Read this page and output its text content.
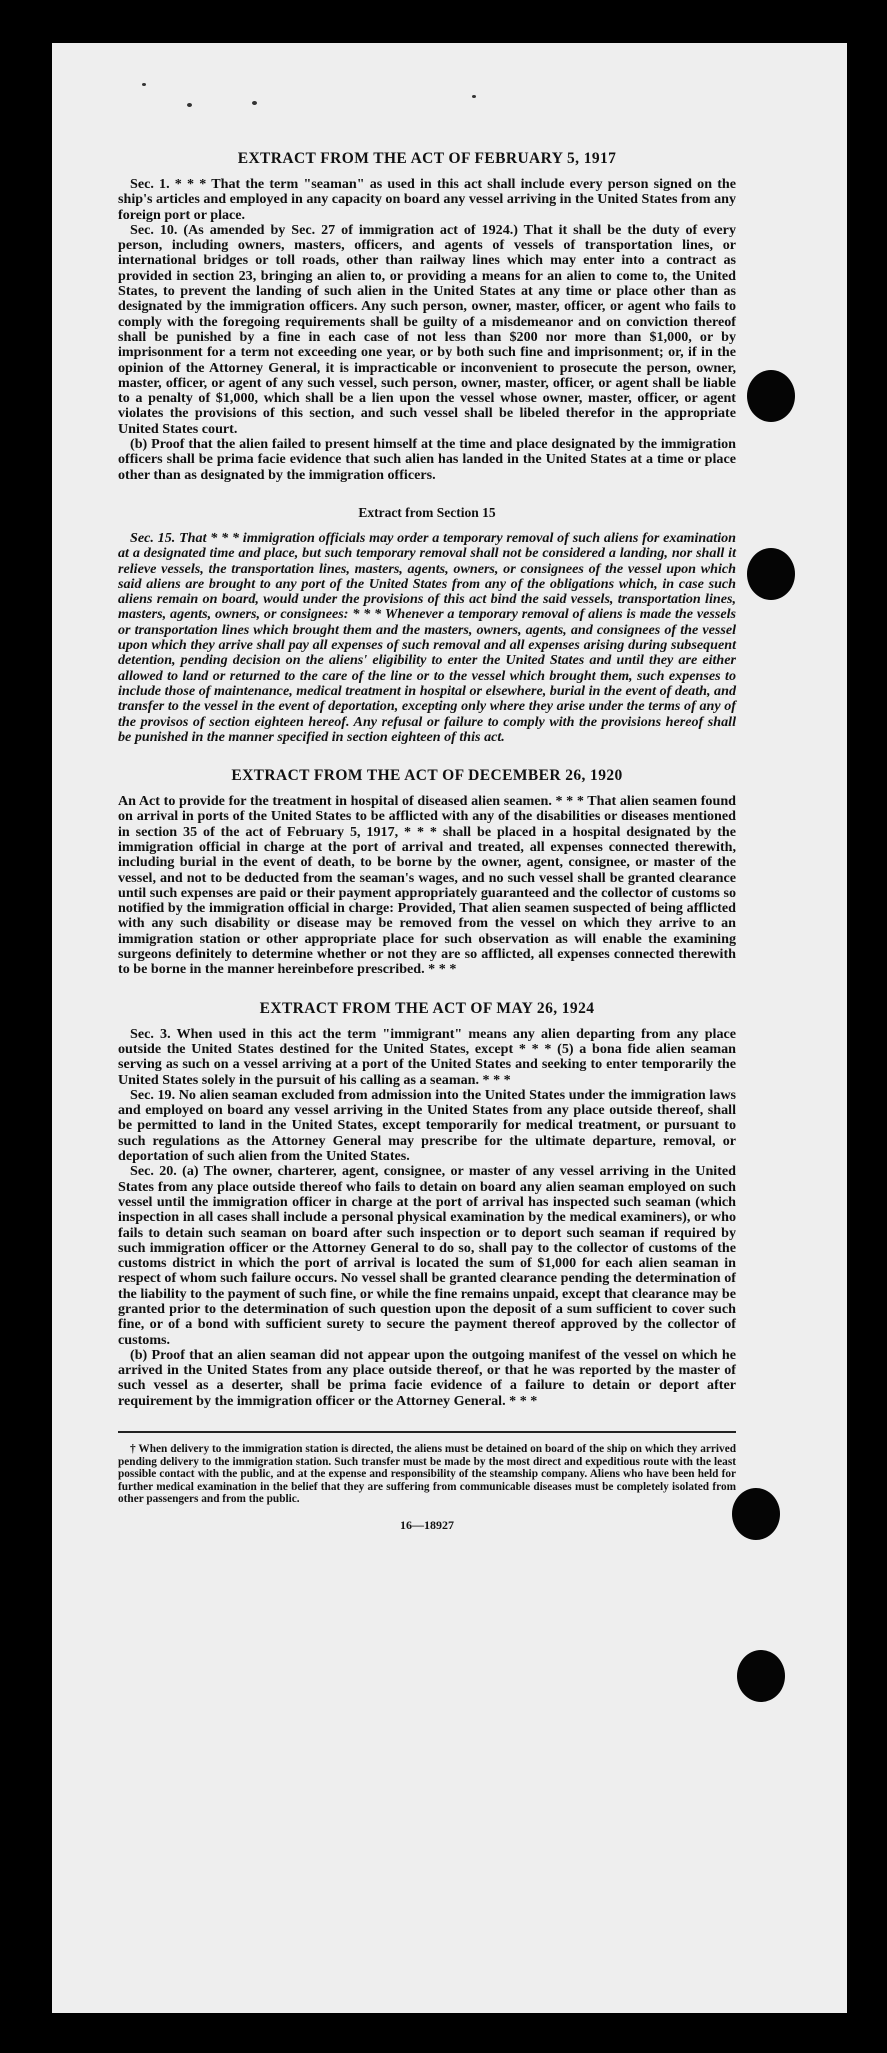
EXTRACT FROM THE ACT OF FEBRUARY 5, 1917

Sec. 1. * * * That the term "seaman" as used in this act shall include every person signed on the ship's articles and employed in any capacity on board any vessel arriving in the United States from any foreign port or place.

Sec. 10. (As amended by Sec. 27 of immigration act of 1924.) That it shall be the duty of every person, including owners, masters, officers, and agents of vessels of transportation lines, or international bridges or toll roads, other than railway lines which may enter into a contract as provided in section 23, bringing an alien to, or providing a means for an alien to come to, the United States, to prevent the landing of such alien in the United States at any time or place other than as designated by the immigration officers. Any such person, owner, master, officer, or agent who fails to comply with the foregoing requirements shall be guilty of a misdemeanor and on conviction thereof shall be punished by a fine in each case of not less than $200 nor more than $1,000, or by imprisonment for a term not exceeding one year, or by both such fine and imprisonment; or, if in the opinion of the Attorney General, it is impracticable or inconvenient to prosecute the person, owner, master, officer, or agent of any such vessel, such person, owner, master, officer, or agent shall be liable to a penalty of $1,000, which shall be a lien upon the vessel whose owner, master, officer, or agent violates the provisions of this section, and such vessel shall be libeled therefor in the appropriate United States court.

(b) Proof that the alien failed to present himself at the time and place designated by the immigration officers shall be prima facie evidence that such alien has landed in the United States at a time or place other than as designated by the immigration officers.

Extract from Section 15

Sec. 15. That * * * immigration officials may order a temporary removal of such aliens for examination at a designated time and place, but such temporary removal shall not be considered a landing, nor shall it relieve vessels, the transportation lines, masters, agents, owners, or consignees of the vessel upon which said aliens are brought to any port of the United States from any of the obligations which, in case such aliens remain on board, would under the provisions of this act bind the said vessels, transportation lines, masters, agents, owners, or consignees: * * * Whenever a temporary removal of aliens is made the vessels or transportation lines which brought them and the masters, owners, agents, and consignees of the vessel upon which they arrive shall pay all expenses of such removal and all expenses arising during subsequent detention, pending decision on the aliens' eligibility to enter the United States and until they are either allowed to land or returned to the care of the line or to the vessel which brought them, such expenses to include those of maintenance, medical treatment in hospital or elsewhere, burial in the event of death, and transfer to the vessel in the event of deportation, excepting only where they arise under the terms of any of the provisos of section eighteen hereof. Any refusal or failure to comply with the provisions hereof shall be punished in the manner specified in section eighteen of this act.

EXTRACT FROM THE ACT OF DECEMBER 26, 1920

An Act to provide for the treatment in hospital of diseased alien seamen. * * * That alien seamen found on arrival in ports of the United States to be afflicted with any of the disabilities or diseases mentioned in section 35 of the act of February 5, 1917, * * * shall be placed in a hospital designated by the immigration official in charge at the port of arrival and treated, all expenses connected therewith, including burial in the event of death, to be borne by the owner, agent, consignee, or master of the vessel, and not to be deducted from the seaman's wages, and no such vessel shall be granted clearance until such expenses are paid or their payment appropriately guaranteed and the collector of customs so notified by the immigration official in charge: Provided, That alien seamen suspected of being afflicted with any such disability or disease may be removed from the vessel on which they arrive to an immigration station or other appropriate place for such observation as will enable the examining surgeons definitely to determine whether or not they are so afflicted, all expenses connected therewith to be borne in the manner hereinbefore prescribed. * * *

EXTRACT FROM THE ACT OF MAY 26, 1924

Sec. 3. When used in this act the term "immigrant" means any alien departing from any place outside the United States destined for the United States, except * * * (5) a bona fide alien seaman serving as such on a vessel arriving at a port of the United States and seeking to enter temporarily the United States solely in the pursuit of his calling as a seaman. * * *

Sec. 19. No alien seaman excluded from admission into the United States under the immigration laws and employed on board any vessel arriving in the United States from any place outside thereof, shall be permitted to land in the United States, except temporarily for medical treatment, or pursuant to such regulations as the Attorney General may prescribe for the ultimate departure, removal, or deportation of such alien from the United States.

Sec. 20. (a) The owner, charterer, agent, consignee, or master of any vessel arriving in the United States from any place outside thereof who fails to detain on board any alien seaman employed on such vessel until the immigration officer in charge at the port of arrival has inspected such seaman (which inspection in all cases shall include a personal physical examination by the medical examiners), or who fails to detain such seaman on board after such inspection or to deport such seaman if required by such immigration officer or the Attorney General to do so, shall pay to the collector of customs of the customs district in which the port of arrival is located the sum of $1,000 for each alien seaman in respect of whom such failure occurs. No vessel shall be granted clearance pending the determination of the liability to the payment of such fine, or while the fine remains unpaid, except that clearance may be granted prior to the determination of such question upon the deposit of a sum sufficient to cover such fine, or of a bond with sufficient surety to secure the payment thereof approved by the collector of customs.

(b) Proof that an alien seaman did not appear upon the outgoing manifest of the vessel on which he arrived in the United States from any place outside thereof, or that he was reported by the master of such vessel as a deserter, shall be prima facie evidence of a failure to detain or deport after requirement by the immigration officer or the Attorney General. * * *

† When delivery to the immigration station is directed, the aliens must be detained on board of the ship on which they arrived pending delivery to the immigration station. Such transfer must be made by the most direct and expeditious route with the least possible contact with the public, and at the expense and responsibility of the steamship company. Aliens who have been held for further medical examination in the belief that they are suffering from communicable diseases must be completely isolated from other passengers and from the public.
16—18927
